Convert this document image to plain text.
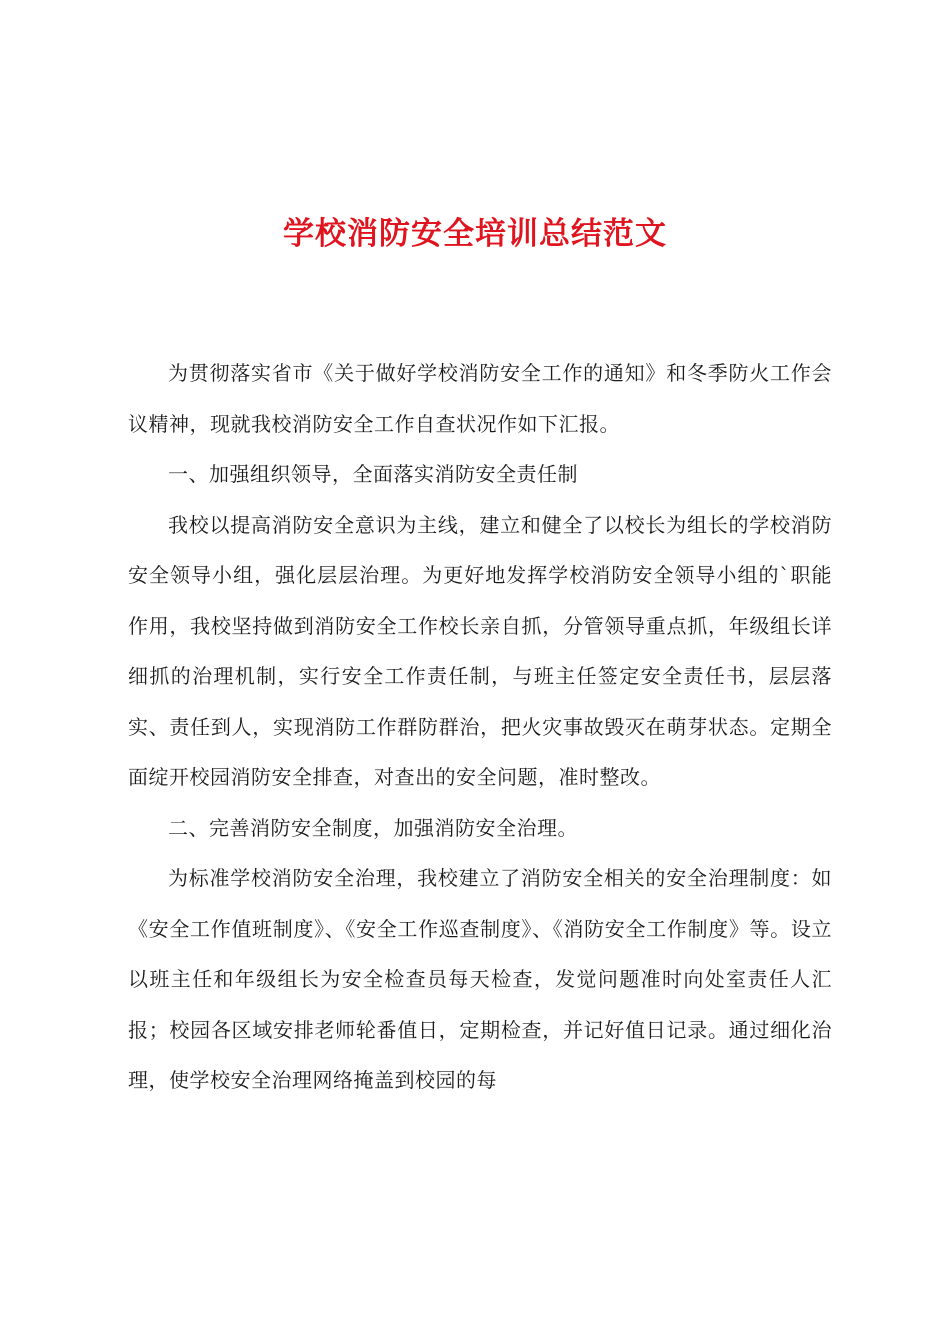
学校消防安全培训总结范文

为贯彻落实省市《关于做好学校消防安全工作的通知》和冬季防火工作会议精神，现就我校消防安全工作自查状况作如下汇报。

一、加强组织领导，全面落实消防安全责任制

我校以提高消防安全意识为主线，建立和健全了以校长为组长的学校消防安全领导小组，强化层层治理。为更好地发挥学校消防安全领导小组的`职能作用，我校坚持做到消防安全工作校长亲自抓，分管领导重点抓，年级组长详细抓的治理机制，实行安全工作责任制，与班主任签定安全责任书，层层落实、责任到人，实现消防工作群防群治，把火灾事故毁灭在萌芽状态。定期全面绽开校园消防安全排查，对查出的安全问题，准时整改。

二、完善消防安全制度，加强消防安全治理。

为标准学校消防安全治理，我校建立了消防安全相关的安全治理制度：如《安全工作值班制度》、《安全工作巡查制度》、《消防安全工作制度》等。设立以班主任和年级组长为安全检查员每天检查，发觉问题准时向处室责任人汇报；校园各区域安排老师轮番值日，定期检查，并记好值日记录。通过细化治理，使学校安全治理网络掩盖到校园的每
